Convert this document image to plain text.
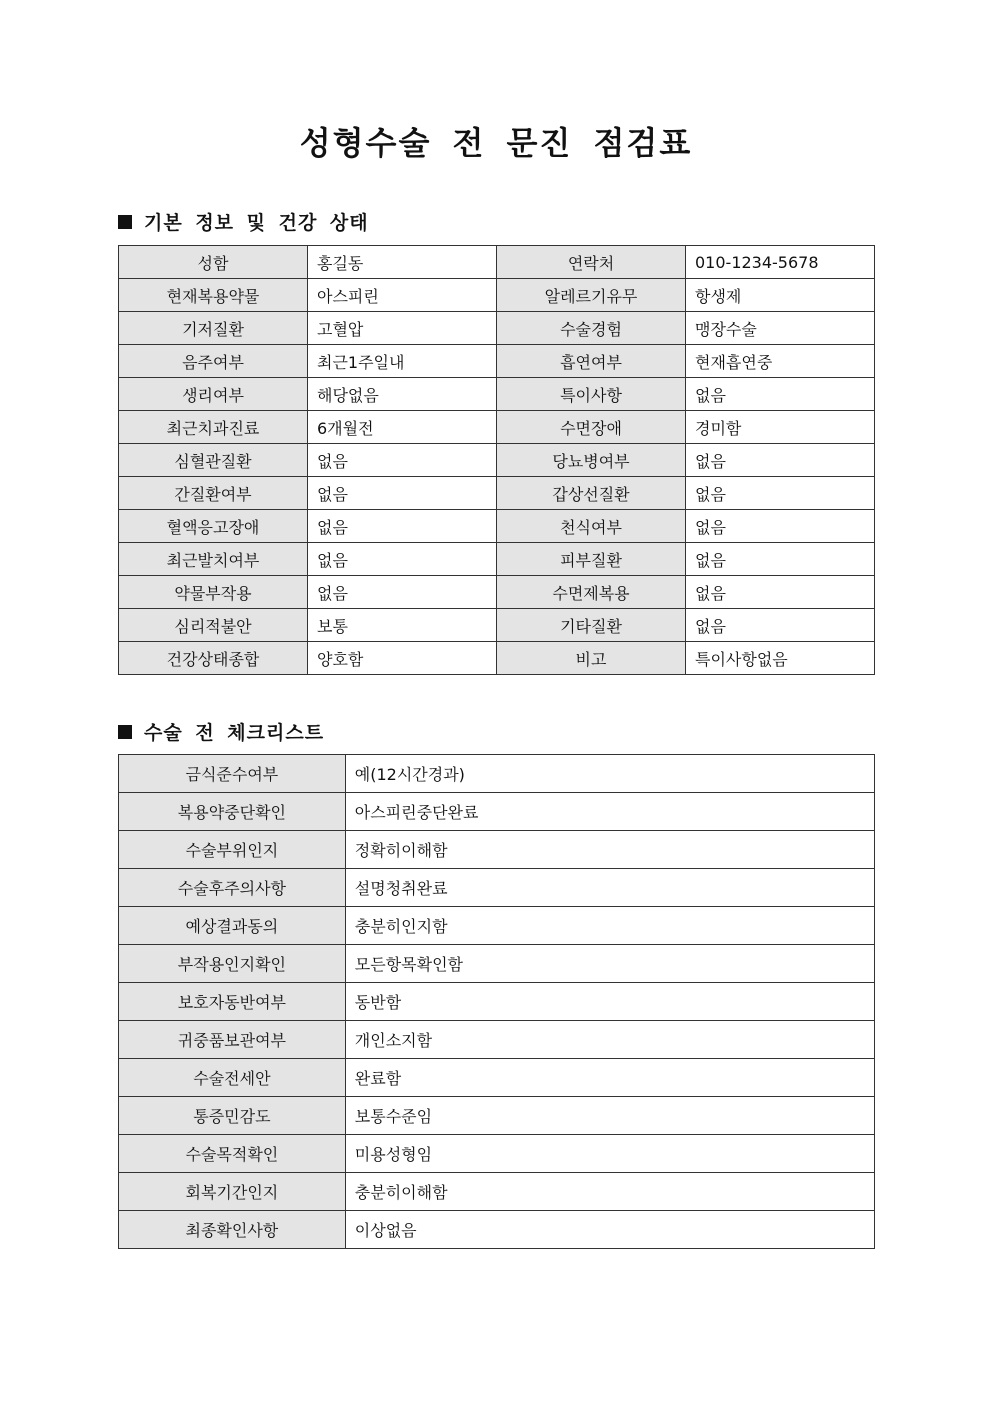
성형수술 전 문진 점검표
기본 정보 및 건강 상태
성함	홍길동	연락처	010-1234-5678
현재복용약물	아스피린	알레르기유무	항생제
기저질환	고혈압	수술경험	맹장수술
음주여부	최근1주일내	흡연여부	현재흡연중
생리여부	해당없음	특이사항	없음
최근치과진료	6개월전	수면장애	경미함
심혈관질환	없음	당뇨병여부	없음
간질환여부	없음	갑상선질환	없음
혈액응고장애	없음	천식여부	없음
최근발치여부	없음	피부질환	없음
약물부작용	없음	수면제복용	없음
심리적불안	보통	기타질환	없음
건강상태종합	양호함	비고	특이사항없음
수술 전 체크리스트
금식준수여부	예(12시간경과)
복용약중단확인	아스피린중단완료
수술부위인지	정확히이해함
수술후주의사항	설명청취완료
예상결과동의	충분히인지함
부작용인지확인	모든항목확인함
보호자동반여부	동반함
귀중품보관여부	개인소지함
수술전세안	완료함
통증민감도	보통수준임
수술목적확인	미용성형임
회복기간인지	충분히이해함
최종확인사항	이상없음
